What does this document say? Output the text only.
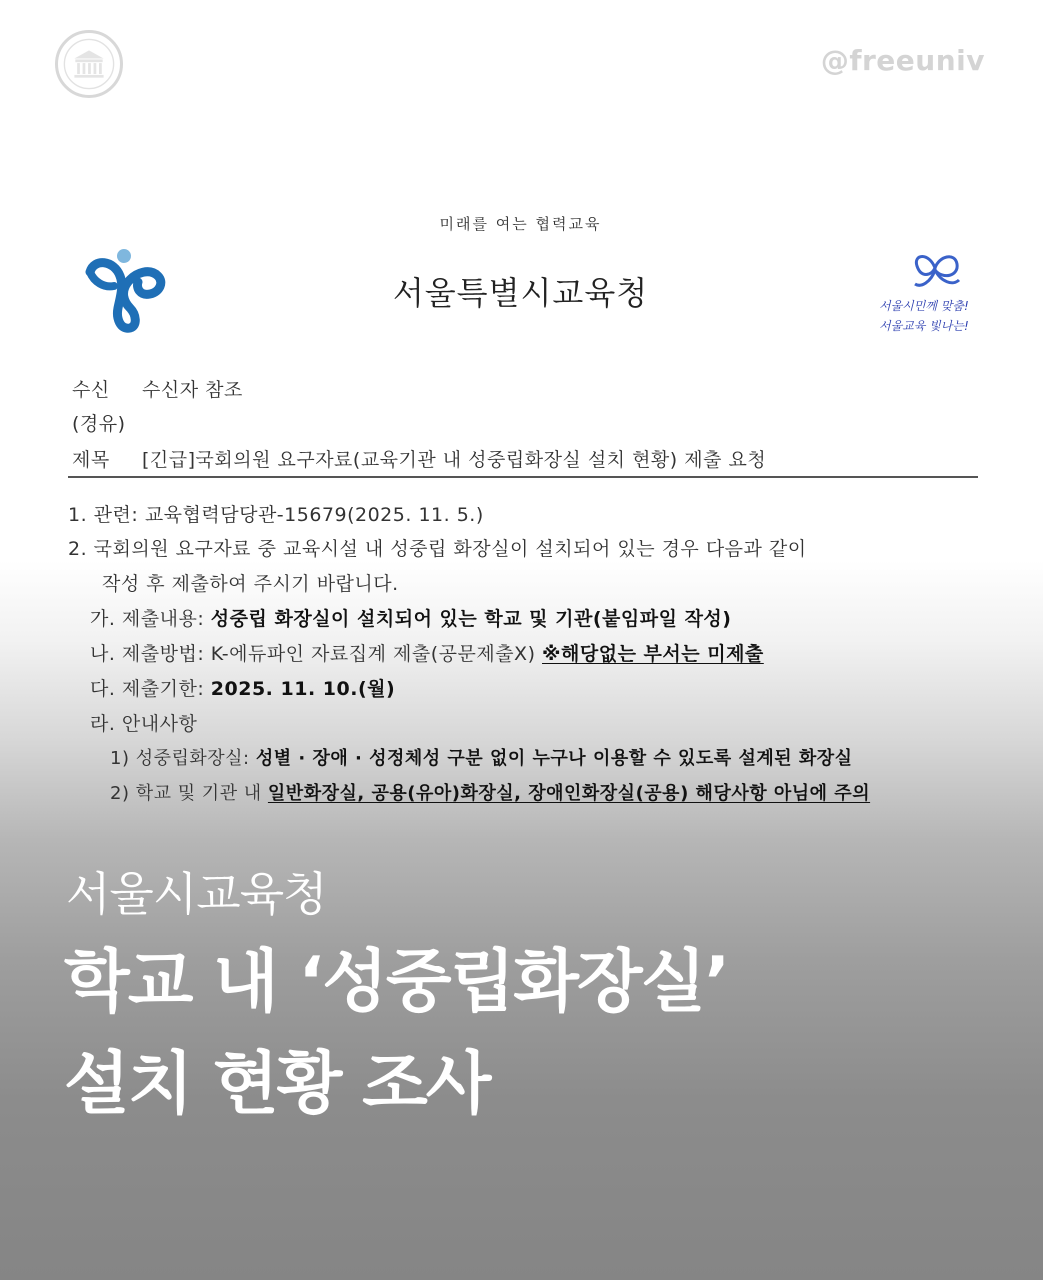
@freeuniv
미래를 여는 협력교육
서울특별시교육청	서울시민께 맞춤!
서울교육 빛나는!
수신 수신자 참조
(경유)
제목 [긴급]국회의원 요구자료(교육기관 내 성중립화장실 설치 현황) 제출 요청
1. 관련: 교육협력담당관-15679(2025. 11. 5.)
2. 국회의원 요구자료 중 교육시설 내 성중립 화장실이 설치되어 있는 경우 다음과 같이
작성 후 제출하여 주시기 바랍니다.
가. 제출내용: 성중립 화장실이 설치되어 있는 학교 및 기관(붙임파일 작성)
나. 제출방법: K-에듀파인 자료집계 제출(공문제출X) ※해당없는 부서는 미제출
다. 제출기한: 2025. 11. 10.(월)
라. 안내사항
1) 성중립화장실: 성별 · 장애 · 성정체성 구분 없이 누구나 이용할 수 있도록 설계된 화장실
2) 학교 및 기관 내 일반화장실, 공용(유아)화장실, 장애인화장실(공용) 해당사항 아님에 주의
서울시교육청
학교 내 ‘성중립화장실’
설치 현황 조사
